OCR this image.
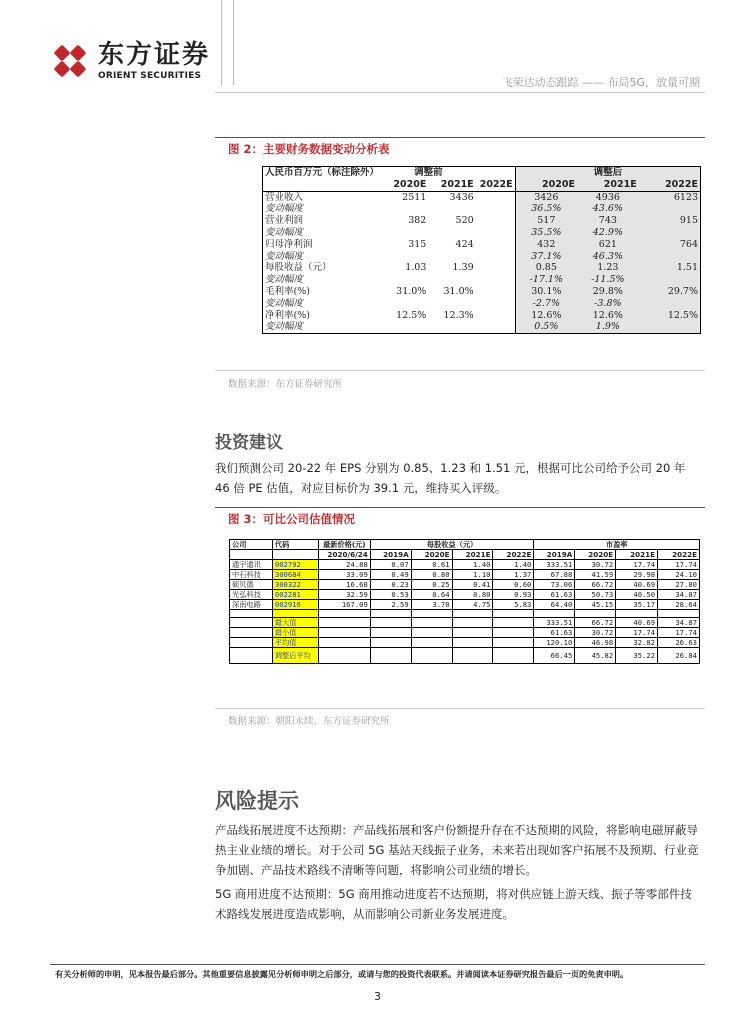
东方证券
ORIENT SECURITIES
飞荣达动态跟踪 —— 布局5G，放量可期
图 2：主要财务数据变动分析表
人民币百万元（标注除外）	调整前			调整后		
	2020E	2021E	2022E	2020E	2021E	2022E
营业收入	2511	3436		3426	4936	6123
变动幅度				36.5%	43.6%	
营业利润	382	520		517	743	915
变动幅度				35.5%	42.9%	
归母净利润	315	424		432	621	764
变动幅度				37.1%	46.3%	
每股收益（元）	1.03	1.39		0.85	1.23	1.51
变动幅度				-17.1%	-11.5%	
毛利率(%)	31.0%	31.0%		30.1%	29.8%	29.7%
变动幅度				-2.7%	-3.8%	
净利率(%)	12.5%	12.3%		12.6%	12.6%	12.5%
变动幅度				0.5%	1.9%	
数据来源：东方证券研究所
投资建议
我们预测公司 20-22 年 EPS 分别为 0.85、1.23 和 1.51 元，根据可比公司给予公司 20 年 46 倍 PE 估值，对应目标价为 39.1 元，维持买入评级。
图 3：可比公司估值情况
公司	代码	最新价格(元)	每股收益（元）				市盈率			
		2020/6/24	2019A	2020E	2021E	2022E	2019A	2020E	2021E	2022E
通宇通讯	002792	24.88	0.07	0.61	1.40	1.40	333.51	30.72	17.74	17.74
中石科技	300684	33.09	0.49	0.80	1.10	1.37	67.88	41.59	29.98	24.10
硕贝德	300322	16.68	0.23	0.25	0.41	0.60	73.06	66.72	40.69	27.80
光弘科技	002281	32.59	0.53	0.64	0.80	0.93	61.63	50.73	40.50	34.87
深南电路	002916	167.09	2.59	3.70	4.75	5.83	64.40	45.15	35.17	28.64

	最大值						333.51	66.72	40.69	34.87
	最小值						61.63	30.72	17.74	17.74
	平均值						120.10	46.98	32.82	26.63
	调整后平均						66.45	45.82	35.22	26.84
数据来源：朝阳永续、东方证券研究所
风险提示
产品线拓展进度不达预期：产品线拓展和客户份额提升存在不达预期的风险，将影响电磁屏蔽导热主业业绩的增长。对于公司 5G 基站天线振子业务，未来若出现如客户拓展不及预期、行业竞争加剧、产品技术路线不清晰等问题，将影响公司业绩的增长。
5G 商用进度不达预期：5G 商用推动进度若不达预期，将对供应链上游天线、振子等零部件技术路线发展进度造成影响，从而影响公司新业务发展进度。
有关分析师的申明，见本报告最后部分。其他重要信息披露见分析师申明之后部分，或请与您的投资代表联系。并请阅读本证券研究报告最后一页的免责申明。
3
